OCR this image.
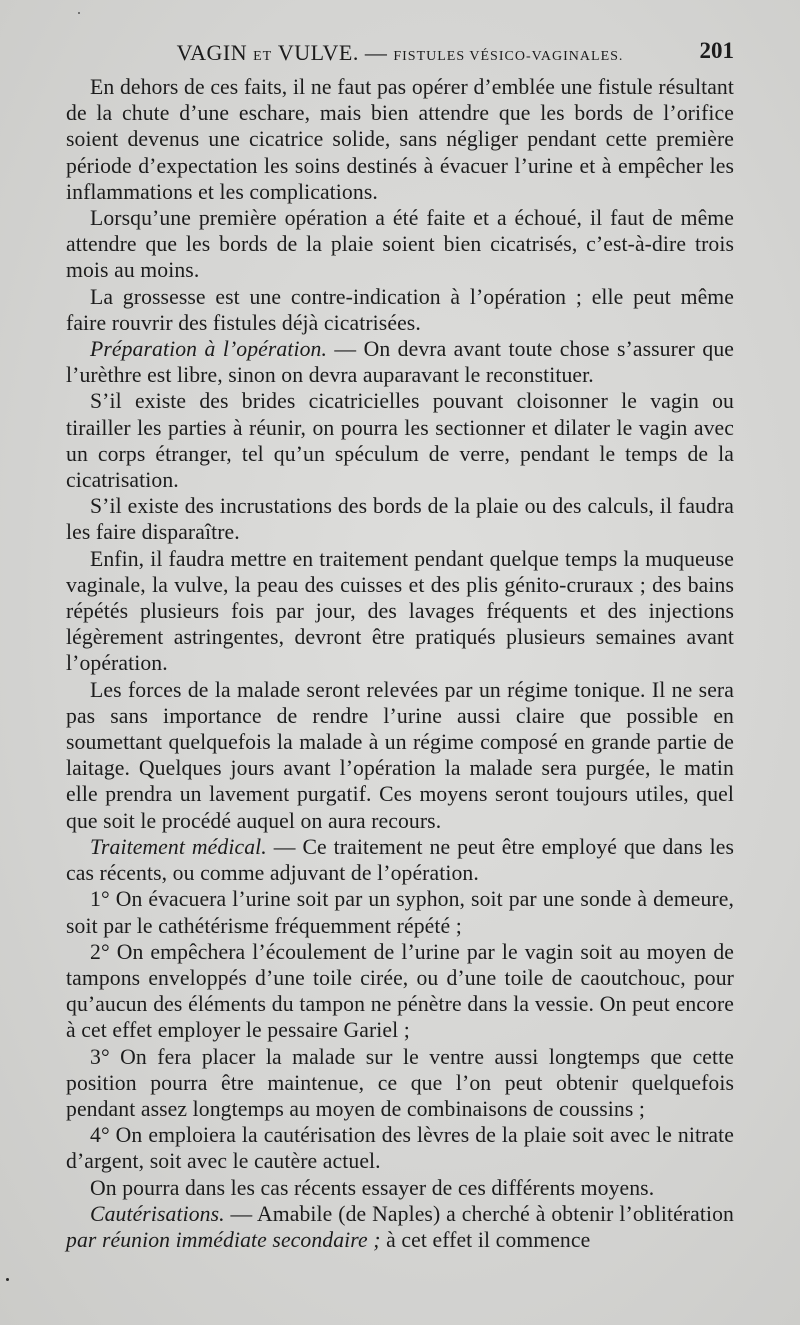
VAGIN ET VULVE. — FISTULES VÉSICO-VAGINALES.	201

En dehors de ces faits, il ne faut pas opérer d’emblée une fistule résultant de la chute d’une eschare, mais bien attendre que les bords de l’orifice soient devenus une cicatrice solide, sans négliger pendant cette première période d’expectation les soins destinés à évacuer l’urine et à empêcher les inflammations et les complications.

Lorsqu’une première opération a été faite et a échoué, il faut de même attendre que les bords de la plaie soient bien cicatrisés, c’est-à-dire trois mois au moins.

La grossesse est une contre-indication à l’opération ; elle peut même faire rouvrir des fistules déjà cicatrisées.

Préparation à l’opération. — On devra avant toute chose s’assurer que l’urèthre est libre, sinon on devra auparavant le reconstituer.

S’il existe des brides cicatricielles pouvant cloisonner le vagin ou tirailler les parties à réunir, on pourra les sectionner et dilater le vagin avec un corps étranger, tel qu’un spéculum de verre, pendant le temps de la cicatrisation.

S’il existe des incrustations des bords de la plaie ou des calculs, il faudra les faire disparaître.

Enfin, il faudra mettre en traitement pendant quelque temps la muqueuse vaginale, la vulve, la peau des cuisses et des plis génito-cruraux ; des bains répétés plusieurs fois par jour, des lavages fréquents et des injections légèrement astringentes, devront être pratiqués plusieurs semaines avant l’opération.

Les forces de la malade seront relevées par un régime tonique. Il ne sera pas sans importance de rendre l’urine aussi claire que possible en soumettant quelquefois la malade à un régime composé en grande partie de laitage. Quelques jours avant l’opération la malade sera purgée, le matin elle prendra un lavement purgatif. Ces moyens seront toujours utiles, quel que soit le procédé auquel on aura recours.

Traitement médical. — Ce traitement ne peut être employé que dans les cas récents, ou comme adjuvant de l’opération.

1° On évacuera l’urine soit par un syphon, soit par une sonde à demeure, soit par le cathétérisme fréquemment répété ;

2° On empêchera l’écoulement de l’urine par le vagin soit au moyen de tampons enveloppés d’une toile cirée, ou d’une toile de caoutchouc, pour qu’aucun des éléments du tampon ne pénètre dans la vessie. On peut encore à cet effet employer le pessaire Gariel ;

3° On fera placer la malade sur le ventre aussi longtemps que cette position pourra être maintenue, ce que l’on peut obtenir quelquefois pendant assez longtemps au moyen de combinaisons de coussins ;

4° On emploiera la cautérisation des lèvres de la plaie soit avec le nitrate d’argent, soit avec le cautère actuel.

On pourra dans les cas récents essayer de ces différents moyens.

Cautérisations. — Amabile (de Naples) a cherché à obtenir l’oblitération par réunion immédiate secondaire ; à cet effet il commence
